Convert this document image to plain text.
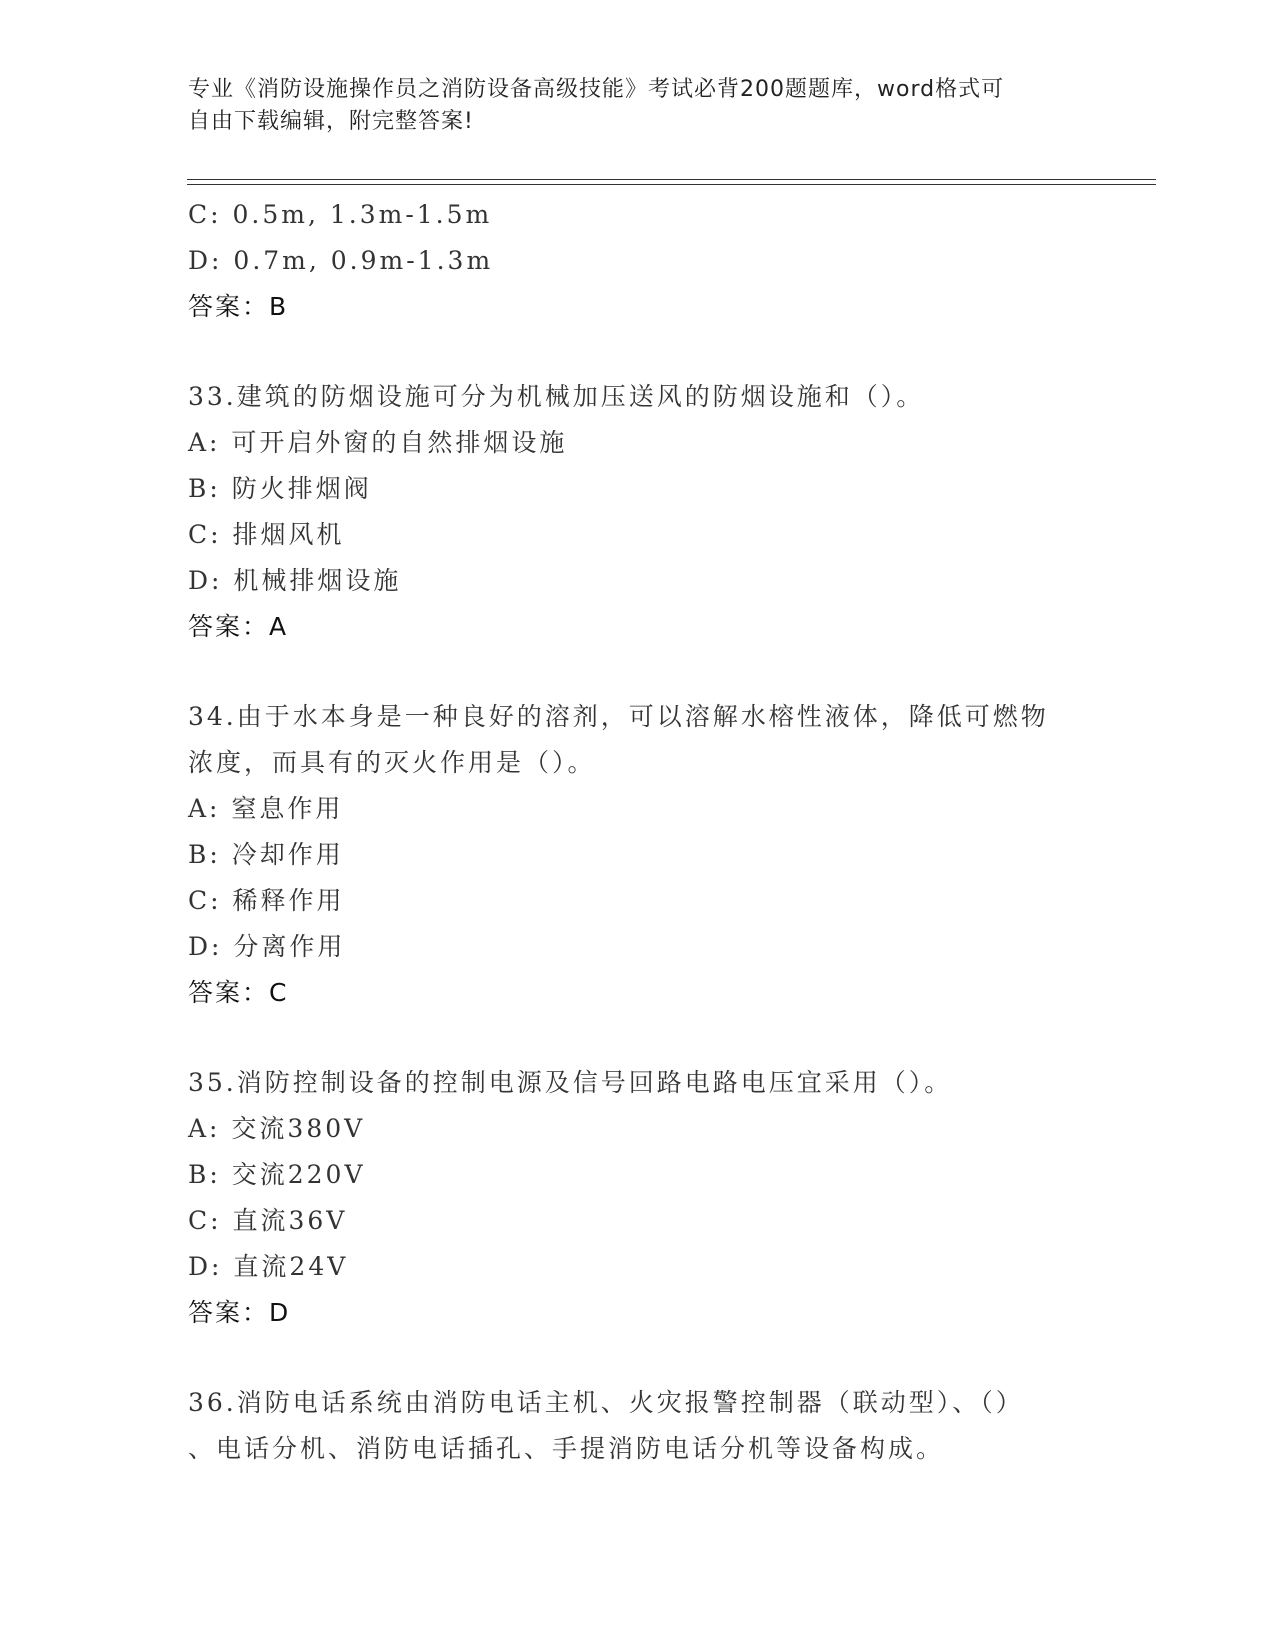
专业《消防设施操作员之消防设备高级技能》考试必背200题题库，word格式可
自由下载编辑，附完整答案!
C: 0.5m, 1.3m-1.5m
D: 0.7m, 0.9m-1.3m
答案：B
33.建筑的防烟设施可分为机械加压送风的防烟设施和（）。
A: 可开启外窗的自然排烟设施
B: 防火排烟阀
C: 排烟风机
D: 机械排烟设施
答案：A
34.由于水本身是一种良好的溶剂，可以溶解水榕性液体，降低可燃物
浓度，而具有的灭火作用是（）。
A: 窒息作用
B: 冷却作用
C: 稀释作用
D: 分离作用
答案：C
35.消防控制设备的控制电源及信号回路电路电压宜采用（）。
A: 交流380V
B: 交流220V
C: 直流36V
D: 直流24V
答案：D
36.消防电话系统由消防电话主机、火灾报警控制器（联动型）、（）
、电话分机、消防电话插孔、手提消防电话分机等设备构成。
